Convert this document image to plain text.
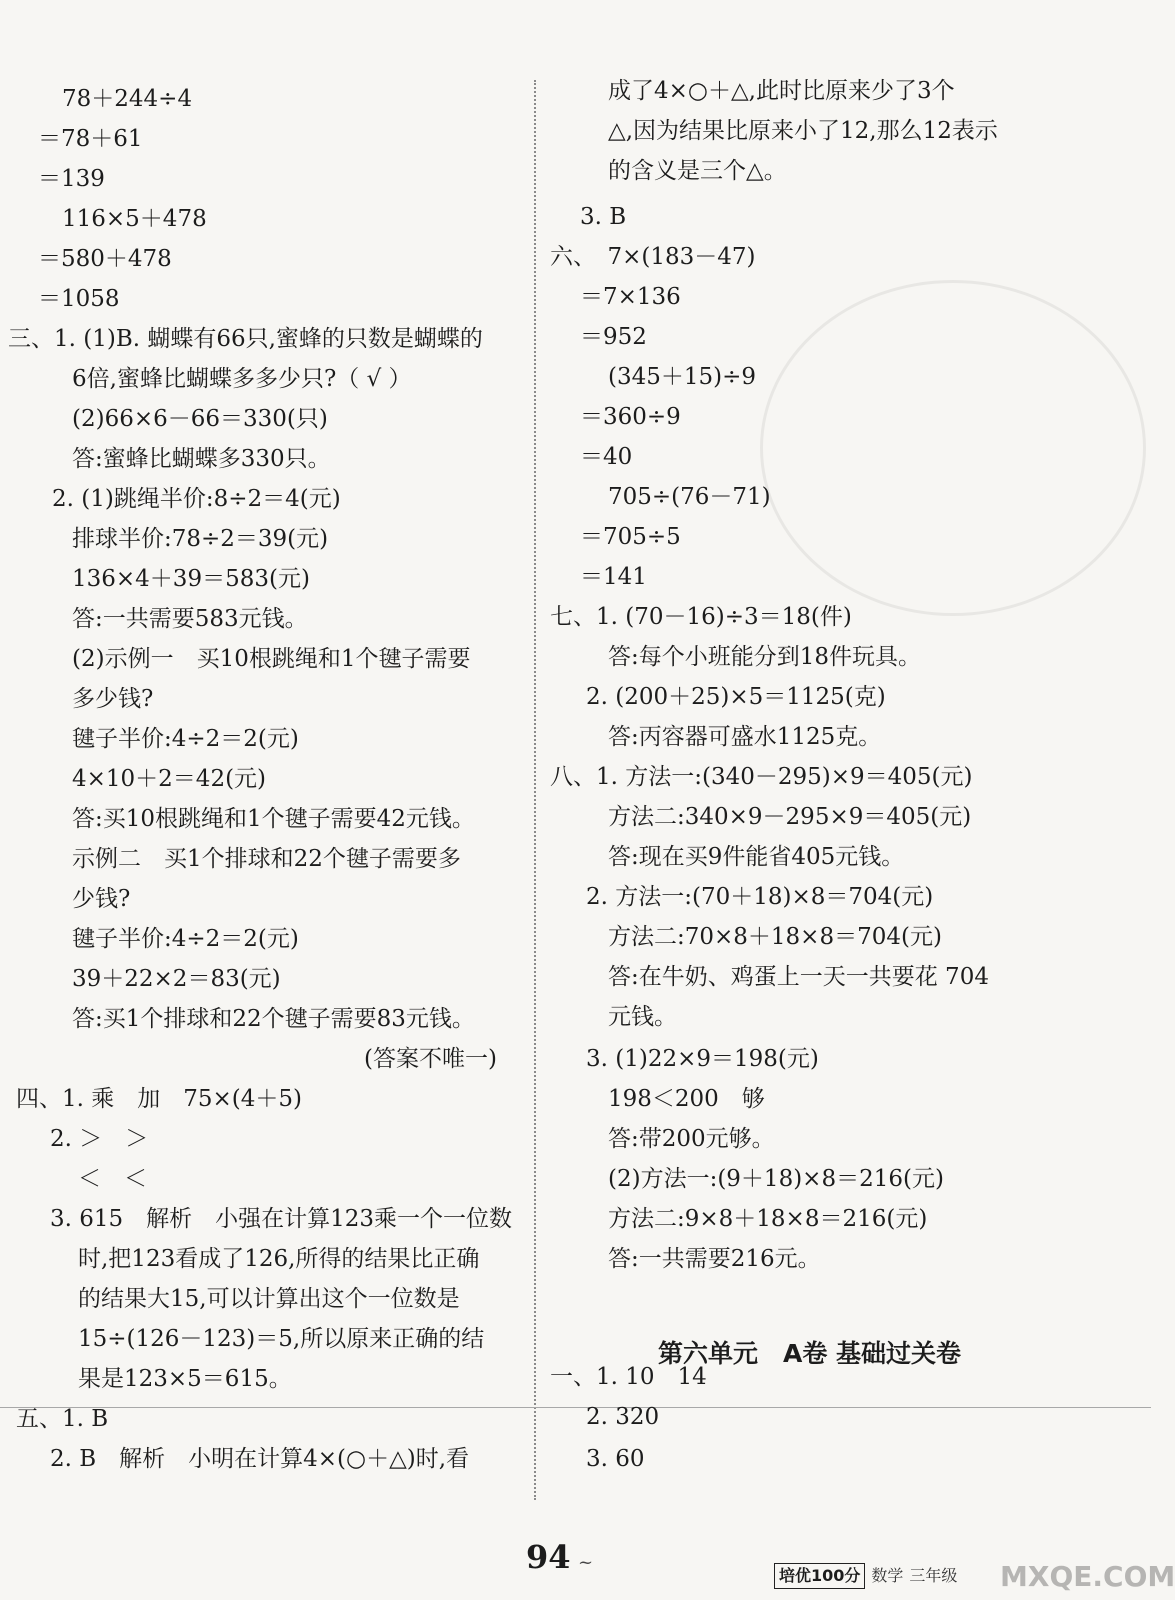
78＋244÷4
＝78＋61
＝139
116×5＋478
＝580＋478
＝1058
三、1. (1)B. 蝴蝶有66只,蜜蜂的只数是蝴蝶的
6倍,蜜蜂比蝴蝶多多少只?（ √ ）
(2)66×6－66＝330(只)
答:蜜蜂比蝴蝶多330只。
2. (1)跳绳半价:8÷2＝4(元)
排球半价:78÷2＝39(元)
136×4＋39＝583(元)
答:一共需要583元钱。
(2)示例一　买10根跳绳和1个毽子需要
多少钱?
毽子半价:4÷2＝2(元)
4×10＋2＝42(元)
答:买10根跳绳和1个毽子需要42元钱。
示例二　买1个排球和22个毽子需要多
少钱?
毽子半价:4÷2＝2(元)
39＋22×2＝83(元)
答:买1个排球和22个毽子需要83元钱。
(答案不唯一)
四、1. 乘　加　75×(4＋5)
2. ＞　＞
＜　＜
3. 615　解析　小强在计算123乘一个一位数
时,把123看成了126,所得的结果比正确
的结果大15,可以计算出这个一位数是
15÷(126－123)＝5,所以原来正确的结
果是123×5＝615。
五、1. B
2. B　解析　小明在计算4×(○＋△)时,看
第六单元　A卷 基础过关卷
成了4×○＋△,此时比原来少了3个
△,因为结果比原来小了12,那么12表示
的含义是三个△。
3. B
六、　7×(183－47)
＝7×136
＝952
(345＋15)÷9
＝360÷9
＝40
705÷(76－71)
＝705÷5
＝141
七、1. (70－16)÷3＝18(件)
答:每个小班能分到18件玩具。
2. (200＋25)×5＝1125(克)
答:丙容器可盛水1125克。
八、1. 方法一:(340－295)×9＝405(元)
方法二:340×9－295×9＝405(元)
答:现在买9件能省405元钱。
2. 方法一:(70＋18)×8＝704(元)
方法二:70×8＋18×8＝704(元)
答:在牛奶、鸡蛋上一天一共要花 704
元钱。
3. (1)22×9＝198(元)
198＜200　够
答:带200元够。
(2)方法一:(9＋18)×8＝216(元)
方法二:9×8＋18×8＝216(元)
答:一共需要216元。
一、1. 10　14
2. 320
3. 60
94 ~
培优100分 数学 三年级 MXQE.COM
